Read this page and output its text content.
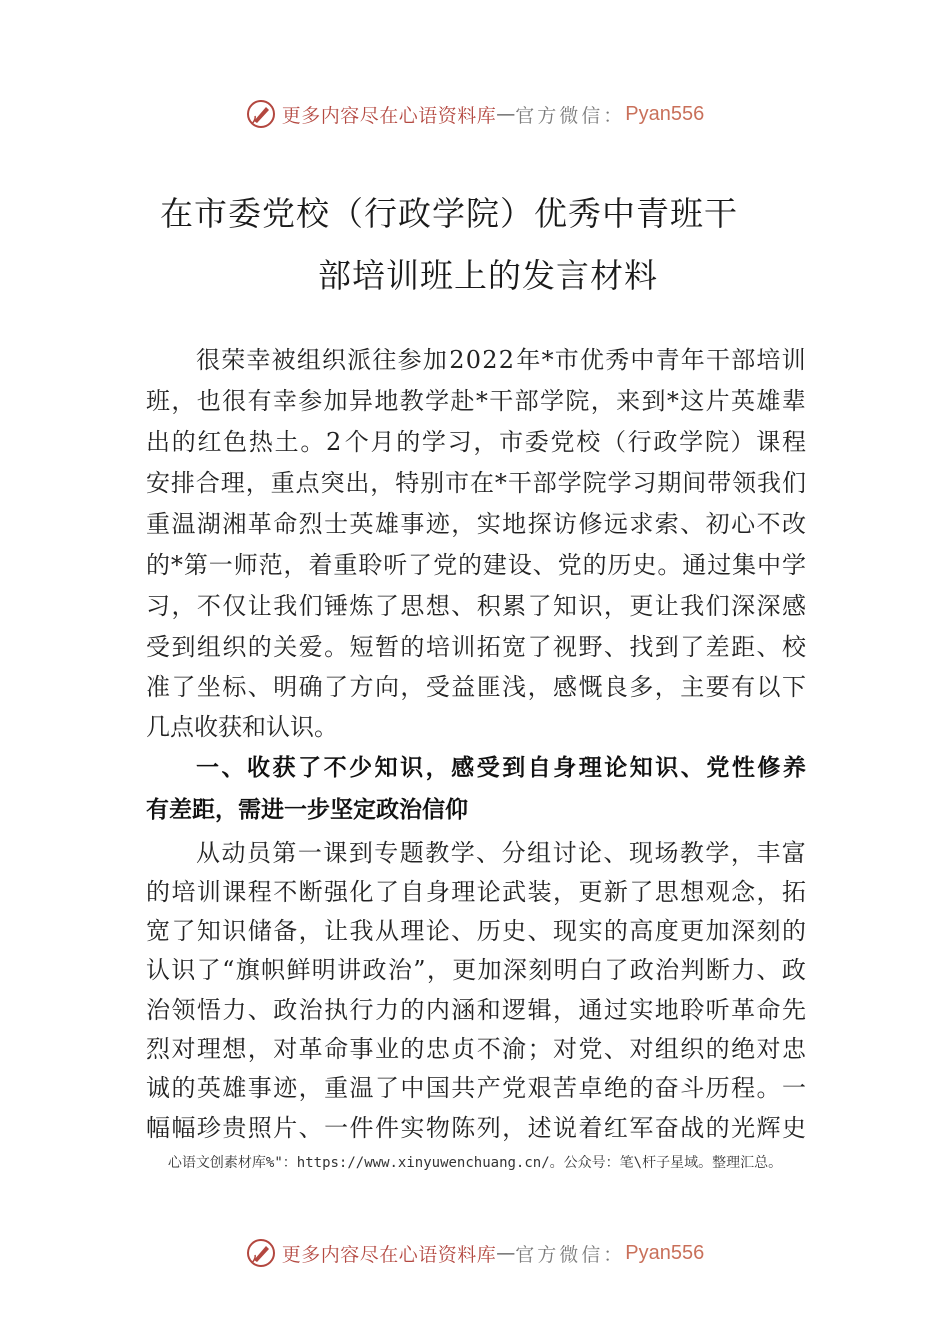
更多内容尽在心语资料库 — 官方微信： Pyan556
在市委党校（行政学院）优秀中青班干
部培训班上的发言材料
很 荣 幸 被 组 织 派 往 参 加 2 0 2 2 年 * 市 优 秀 中 青 年 干 部 培 训
班 ， 也 很 有 幸 参 加 异 地 教 学 赴 * 干 部 学 院 ， 来 到 * 这 片 英 雄 辈
出 的 红 色 热 土 。 2 个 月 的 学 习 ， 市 委 党 校 （ 行 政 学 院 ） 课 程
安 排 合 理 ， 重 点 突 出 ， 特 别 市 在 * 干 部 学 院 学 习 期 间 带 领 我 们
重 温 湖 湘 革 命 烈 士 英 雄 事 迹 ， 实 地 探 访 修 远 求 索 、 初 心 不 改
的 * 第 一 师 范 ， 着 重 聆 听 了 党 的 建 设 、 党 的 历 史 。 通 过 集 中 学
习 ， 不 仅 让 我 们 锤 炼 了 思 想 、 积 累 了 知 识 ， 更 让 我 们 深 深 感
受 到 组 织 的 关 爱 。 短 暂 的 培 训 拓 宽 了 视 野 、 找 到 了 差 距 、 校
准 了 坐 标 、 明 确 了 方 向 ， 受 益 匪 浅 ， 感 慨 良 多 ， 主 要 有 以 下
几点收获和认识。
一 、 收 获 了 不 少 知 识 ， 感 受 到 自 身 理 论 知 识 、 党 性 修 养
有差距，需进一步坚定政治信仰
从 动 员 第 一 课 到 专 题 教 学 、 分 组 讨 论 、 现 场 教 学 ， 丰 富
的 培 训 课 程 不 断 强 化 了 自 身 理 论 武 装 ， 更 新 了 思 想 观 念 ， 拓
宽 了 知 识 储 备 ， 让 我 从 理 论 、 历 史 、 现 实 的 高 度 更 加 深 刻 的
认 识 了 “ 旗 帜 鲜 明 讲 政 治 ” ， 更 加 深 刻 明 白 了 政 治 判 断 力 、 政
治 领 悟 力 、 政 治 执 行 力 的 内 涵 和 逻 辑 ， 通 过 实 地 聆 听 革 命 先
烈 对 理 想 ， 对 革 命 事 业 的 忠 贞 不 渝 ； 对 党 、 对 组 织 的 绝 对 忠
诚 的 英 雄 事 迹 ， 重 温 了 中 国 共 产 党 艰 苦 卓 绝 的 奋 斗 历 程 。 一
幅 幅 珍 贵 照 片 、 一 件 件 实 物 陈 列 ， 述 说 着 红 军 奋 战 的 光 辉 史
心语文创素材库%"：https://www.xinyuwenchuang.cn/。公众号：笔\杆子星域。整理汇总。
更多内容尽在心语资料库 — 官方微信： Pyan556
